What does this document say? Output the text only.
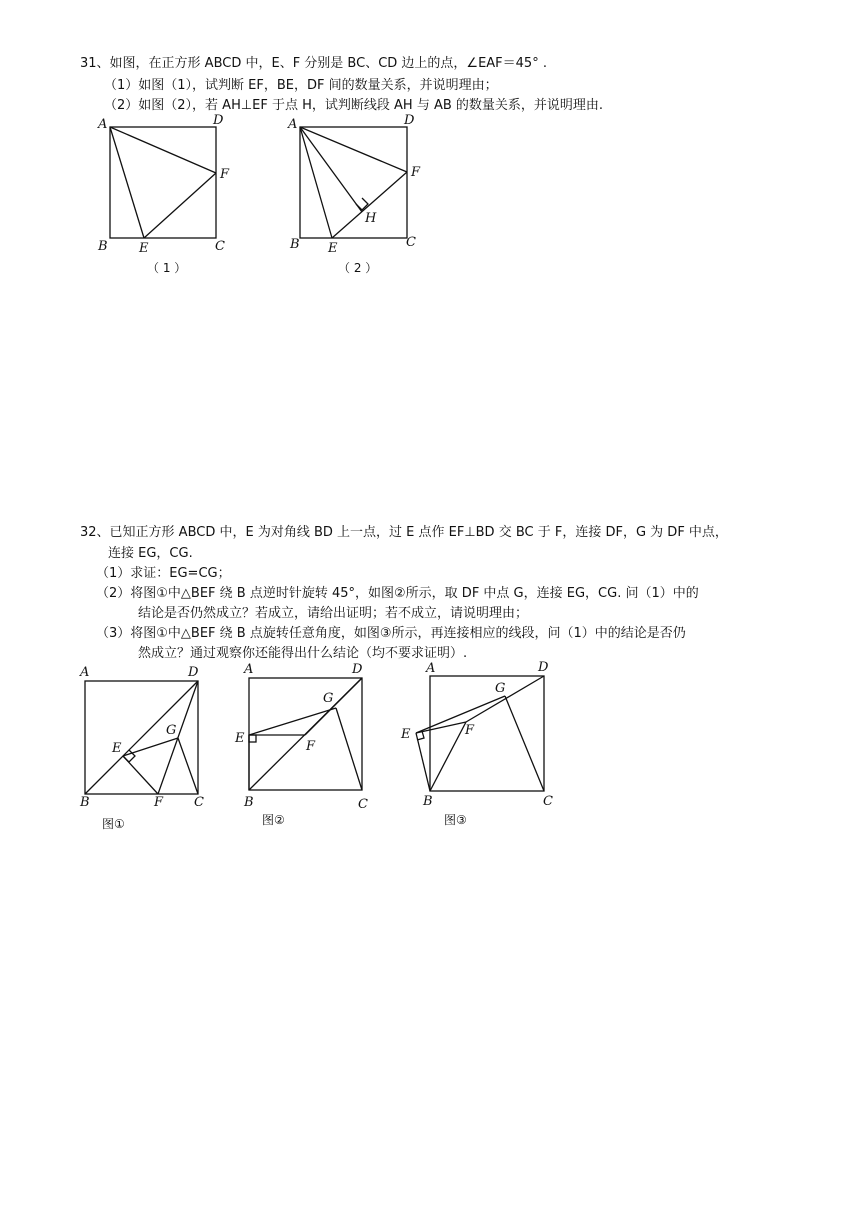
31、如图，在正方形 ABCD 中，E、F 分别是 BC、CD 边上的点，∠EAF＝45° .
（1）如图（1），试判断 EF，BE，DF 间的数量关系，并说明理由；
（2）如图（2），若 AH⊥EF 于点 H，试判断线段 AH 与 AB 的数量关系，并说明理由.
A	D
B E	C
F
（ 1 ）
A	D
B E	C
F
H
（ 2 ）
32、已知正方形 ABCD 中，E 为对角线 BD 上一点，过 E 点作 EF⊥BD 交 BC 于 F，连接 DF，G 为 DF 中点，
连接 EG，CG.
（1）求证：EG=CG；
（2）将图①中△BEF 绕 B 点逆时针旋转 45°，如图②所示，取 DF 中点 G，连接 EG，CG. 问（1）中的
结论是否仍然成立？若成立，请给出证明；若不成立，请说明理由；
（3）将图①中△BEF 绕 B 点旋转任意角度，如图③所示，再连接相应的线段，问（1）中的结论是否仍
然成立？通过观察你还能得出什么结论（均不要求证明）.
A	D
E
G
B	F C
图①
A	D
G
E
F
B	C
图②
A	D
G
E	F
B	C
图③
